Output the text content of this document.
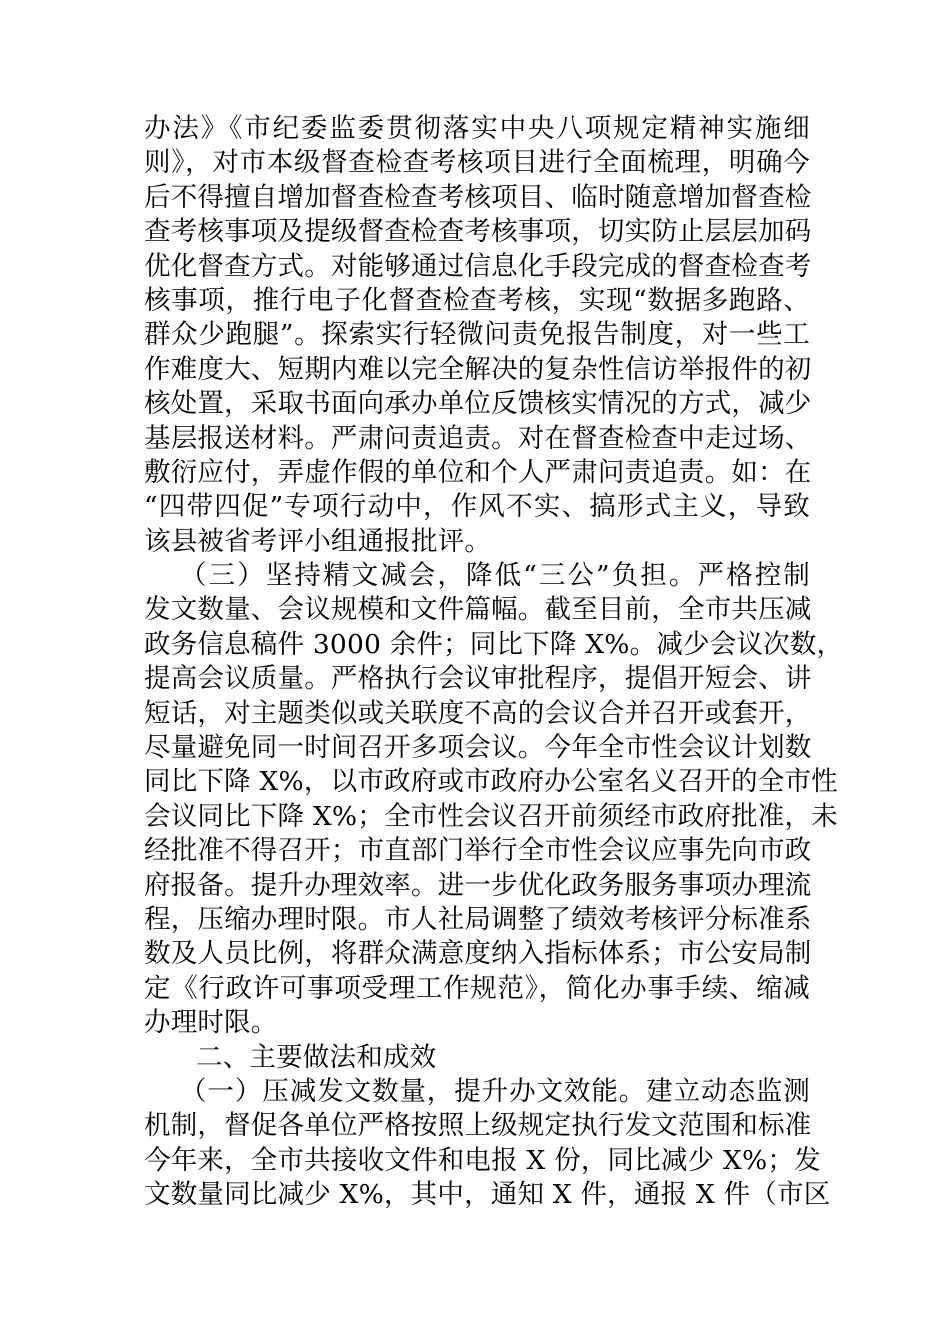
办法》《市纪委监委贯彻落实中央八项规定精神实施细
则》，对市本级督查检查考核项目进行全面梳理，明确今
后不得擅自增加督查检查考核项目、临时随意增加督查检
查考核事项及提级督查检查考核事项，切实防止层层加码
优化督查方式。对能够通过信息化手段完成的督查检查考
核事项，推行电子化督查检查考核，实现“数据多跑路、
群众少跑腿”。探索实行轻微问责免报告制度，对一些工
作难度大、短期内难以完全解决的复杂性信访举报件的初
核处置，采取书面向承办单位反馈核实情况的方式，减少
基层报送材料。严肃问责追责。对在督查检查中走过场、
敷衍应付，弄虚作假的单位和个人严肃问责追责。如：在
“四带四促”专项行动中，作风不实、搞形式主义，导致
该县被省考评小组通报批评。
（三）坚持精文减会，降低“三公”负担。严格控制
发文数量、会议规模和文件篇幅。截至目前，全市共压减
政务信息稿件 3000 余件；同比下降 X%。减少会议次数，
提高会议质量。严格执行会议审批程序，提倡开短会、讲
短话，对主题类似或关联度不高的会议合并召开或套开，
尽量避免同一时间召开多项会议。今年全市性会议计划数
同比下降 X%，以市政府或市政府办公室名义召开的全市性
会议同比下降 X%；全市性会议召开前须经市政府批准，未
经批准不得召开；市直部门举行全市性会议应事先向市政
府报备。提升办理效率。进一步优化政务服务事项办理流
程，压缩办理时限。市人社局调整了绩效考核评分标准系
数及人员比例，将群众满意度纳入指标体系；市公安局制
定《行政许可事项受理工作规范》，简化办事手续、缩减
办理时限。
二、主要做法和成效
（一）压减发文数量，提升办文效能。建立动态监测
机制，督促各单位严格按照上级规定执行发文范围和标准
今年来，全市共接收文件和电报 X 份，同比减少 X%；发
文数量同比减少 X%，其中，通知 X 件，通报 X 件（市区
